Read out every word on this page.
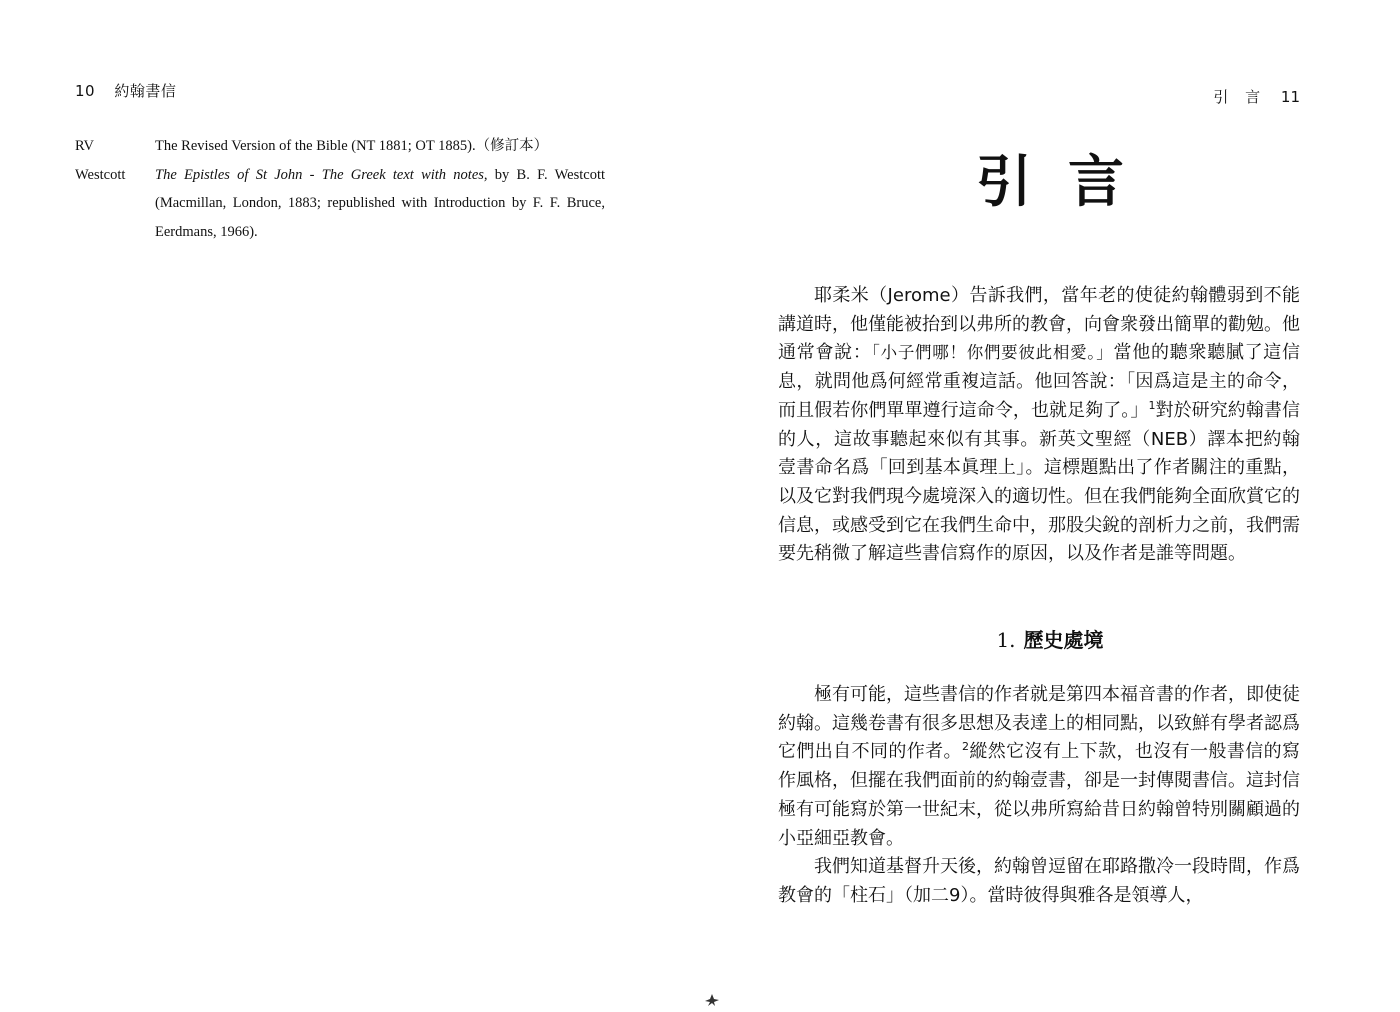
10 約翰書信
RV	The Revised Version of the Bible (NT 1881; OT 1885).（修訂本）
Westcott	The Epistles of St John - The Greek text with notes, by B. F. Westcott (Macmillan, London, 1883; republished with Introduction by F. F. Bruce, Eerdmans, 1966).
引 言 11
引言

耶柔米（Jerome）告訴我們，當年老的使徒約翰體弱到不能講道時，他僅能被抬到以弗所的教會，向會衆發出簡單的勸勉。他通常會說：「小子們哪！你們要彼此相愛。」當他的聽衆聽膩了這信息，就問他爲何經常重複這話。他回答說：「因爲這是主的命令，而且假若你們單單遵行這命令，也就足夠了。」$^1$對於研究約翰書信的人，這故事聽起來似有其事。新英文聖經（NEB）譯本把約翰壹書命名爲「回到基本眞理上」。這標題點出了作者關注的重點，以及它對我們現今處境深入的適切性。但在我們能夠全面欣賞它的信息，或感受到它在我們生命中，那股尖銳的剖析力之前，我們需要先稍微了解這些書信寫作的原因，以及作者是誰等問題。

1. 歷史處境

極有可能，這些書信的作者就是第四本福音書的作者，即使徒約翰。這幾卷書有很多思想及表達上的相同點，以致鮮有學者認爲它們出自不同的作者。$^2$縱然它沒有上下款，也沒有一般書信的寫作風格，但擺在我們面前的約翰壹書，卻是一封傳閱書信。這封信極有可能寫於第一世紀末，從以弗所寫給昔日約翰曾特別關顧過的小亞細亞教會。

我們知道基督升天後，約翰曾逗留在耶路撒冷一段時間，作爲教會的「柱石」（加二9）。當時彼得與雅各是領導人，
